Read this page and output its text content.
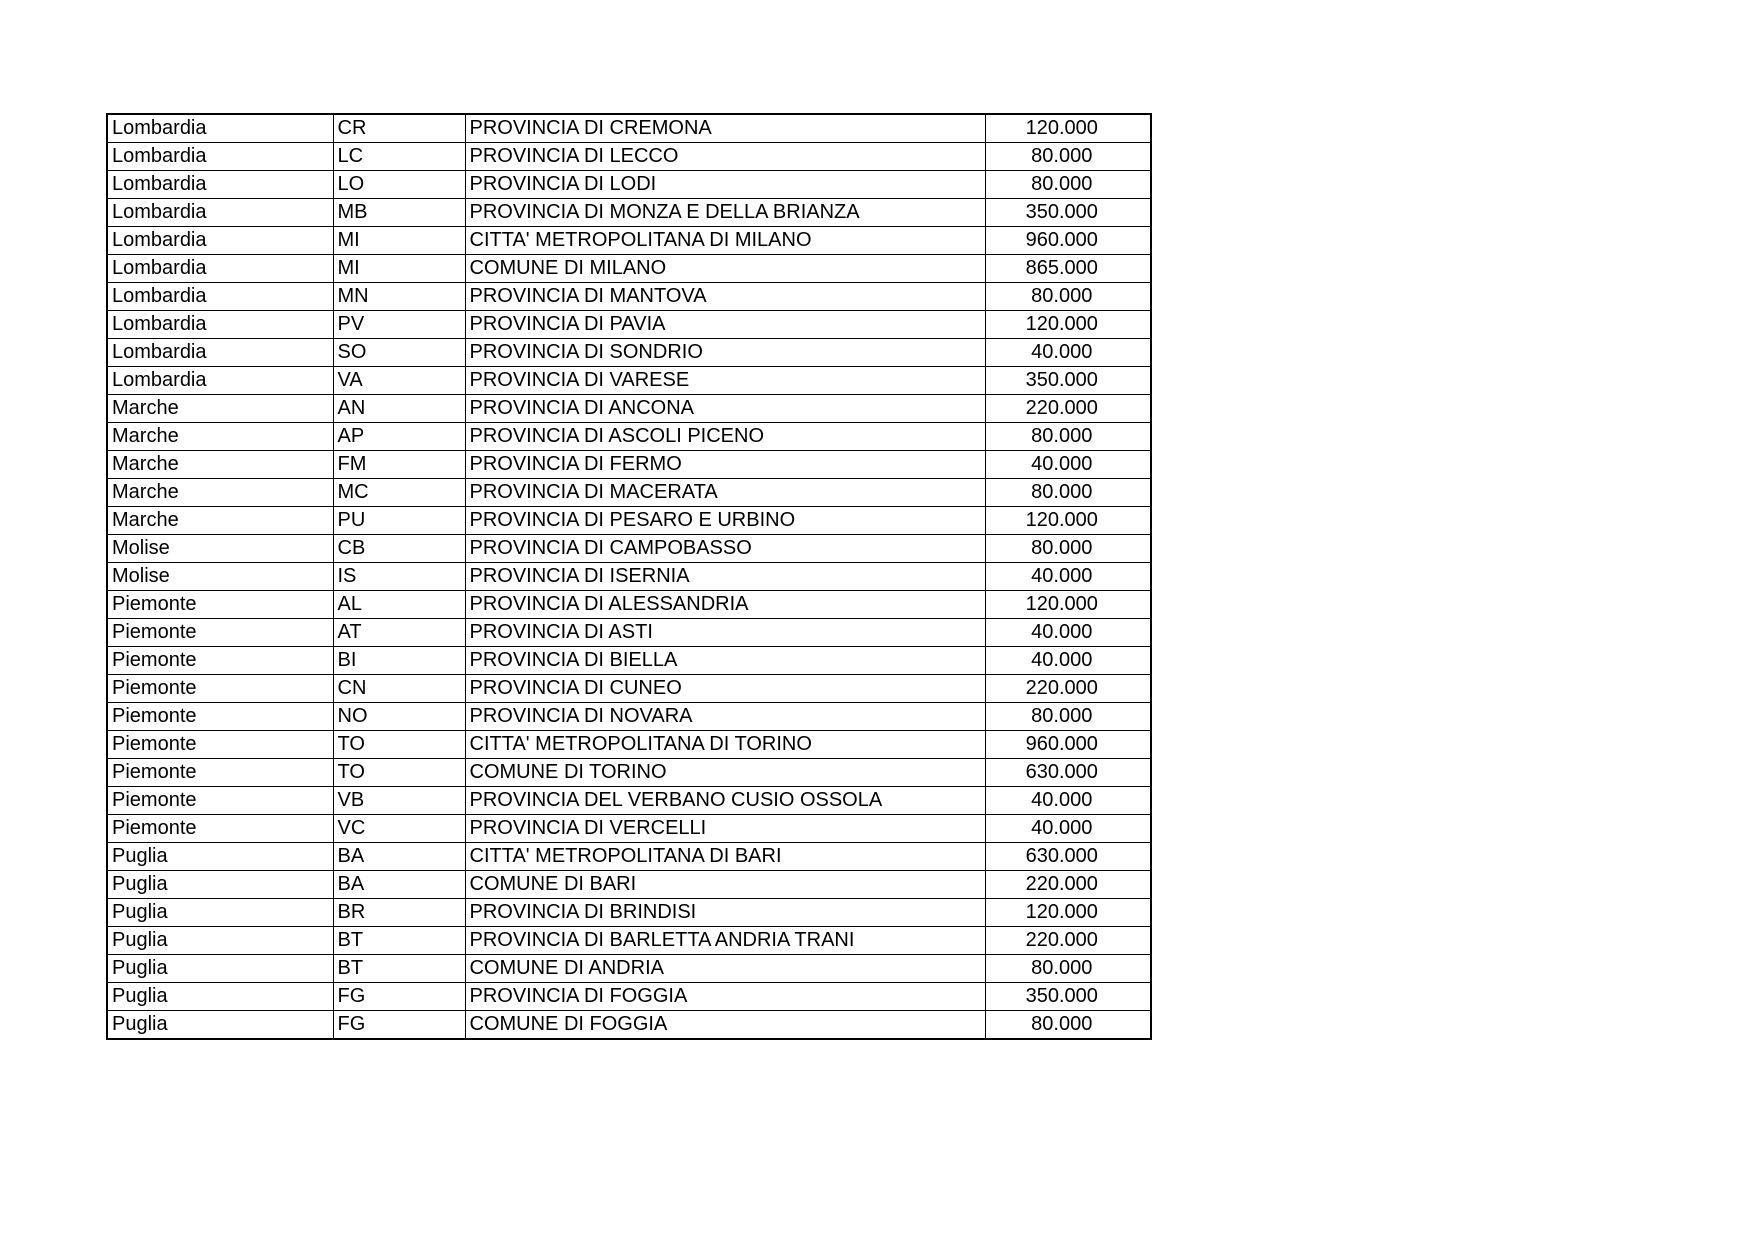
Lombardia	CR	PROVINCIA DI CREMONA	120.000
Lombardia	LC	PROVINCIA DI LECCO	80.000
Lombardia	LO	PROVINCIA DI LODI	80.000
Lombardia	MB	PROVINCIA DI MONZA E DELLA BRIANZA	350.000
Lombardia	MI	CITTA' METROPOLITANA DI MILANO	960.000
Lombardia	MI	COMUNE DI MILANO	865.000
Lombardia	MN	PROVINCIA DI MANTOVA	80.000
Lombardia	PV	PROVINCIA DI PAVIA	120.000
Lombardia	SO	PROVINCIA DI SONDRIO	40.000
Lombardia	VA	PROVINCIA DI VARESE	350.000
Marche	AN	PROVINCIA DI ANCONA	220.000
Marche	AP	PROVINCIA DI ASCOLI PICENO	80.000
Marche	FM	PROVINCIA DI FERMO	40.000
Marche	MC	PROVINCIA DI MACERATA	80.000
Marche	PU	PROVINCIA DI PESARO E URBINO	120.000
Molise	CB	PROVINCIA DI CAMPOBASSO	80.000
Molise	IS	PROVINCIA DI ISERNIA	40.000
Piemonte	AL	PROVINCIA DI ALESSANDRIA	120.000
Piemonte	AT	PROVINCIA DI ASTI	40.000
Piemonte	BI	PROVINCIA DI BIELLA	40.000
Piemonte	CN	PROVINCIA DI CUNEO	220.000
Piemonte	NO	PROVINCIA DI NOVARA	80.000
Piemonte	TO	CITTA' METROPOLITANA DI TORINO	960.000
Piemonte	TO	COMUNE DI TORINO	630.000
Piemonte	VB	PROVINCIA DEL VERBANO CUSIO OSSOLA	40.000
Piemonte	VC	PROVINCIA DI VERCELLI	40.000
Puglia	BA	CITTA' METROPOLITANA DI BARI	630.000
Puglia	BA	COMUNE DI BARI	220.000
Puglia	BR	PROVINCIA DI BRINDISI	120.000
Puglia	BT	PROVINCIA DI BARLETTA ANDRIA TRANI	220.000
Puglia	BT	COMUNE DI ANDRIA	80.000
Puglia	FG	PROVINCIA DI FOGGIA	350.000
Puglia	FG	COMUNE DI FOGGIA	80.000
